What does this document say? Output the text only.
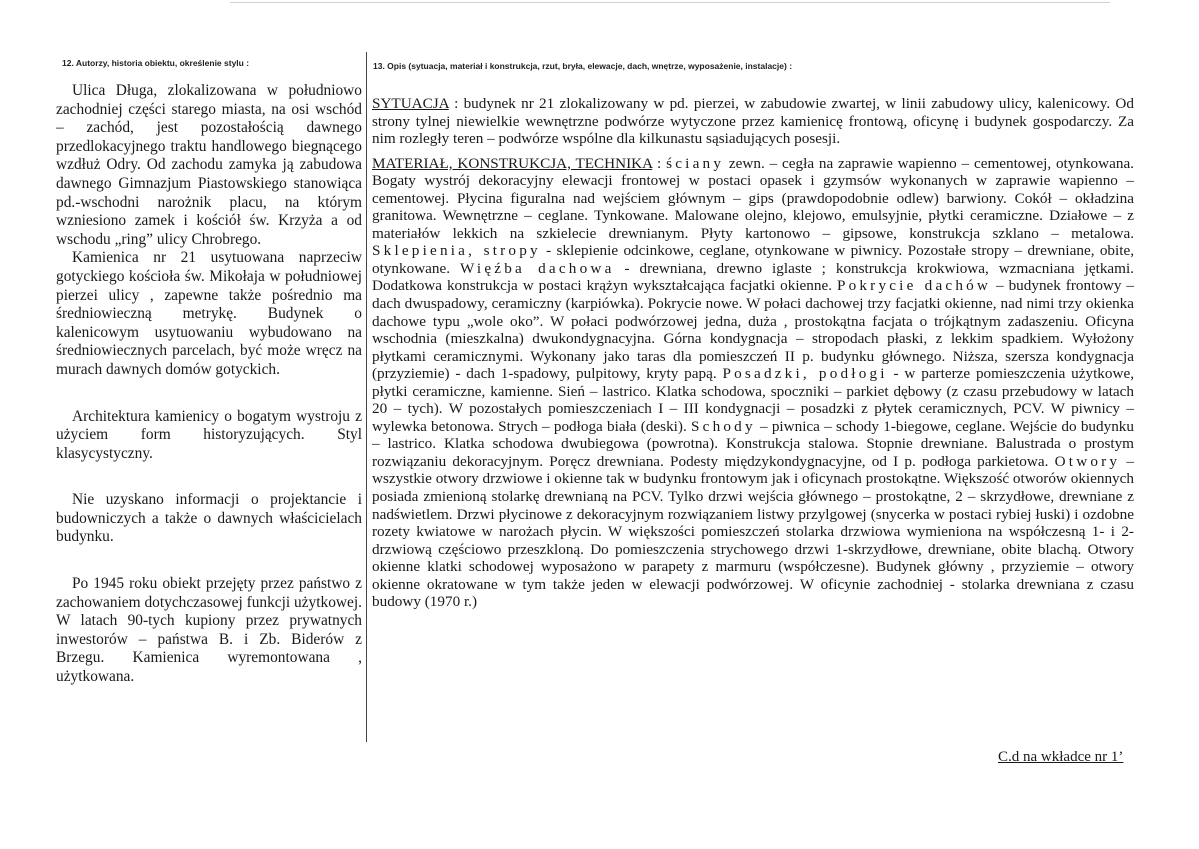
12. Autorzy, historia obiektu, określenie stylu :	13. Opis (sytuacja, materiał i konstrukcja, rzut, bryła, elewacje, dach, wnętrze, wyposażenie, instalacje) :

Ulica Długa, zlokalizowana w południowo zachodniej części starego miasta, na osi wschód – zachód, jest pozostałością dawnego przedlokacyjnego traktu handlowego biegnącego wzdłuż Odry. Od zachodu zamyka ją zabudowa dawnego Gimnazjum Piastowskiego stanowiąca pd.-wschodni narożnik placu, na którym wzniesiono zamek i kościół św. Krzyża a od wschodu „ring” ulicy Chrobrego.

Kamienica nr 21 usytuowana naprzeciw gotyckiego kościoła św. Mikołaja w południowej pierzei ulicy , zapewne także pośrednio ma średniowieczną metrykę. Budynek o kalenicowym usytuowaniu wybudowano na średniowiecznych parcelach, być może wręcz na murach dawnych domów gotyckich.

Architektura kamienicy o bogatym wystroju z użyciem form historyzujących. Styl klasycystyczny.

Nie uzyskano informacji o projektancie i budowniczych a także o dawnych właścicielach budynku.

Po 1945 roku obiekt przejęty przez państwo z zachowaniem dotychczasowej funkcji użytkowej. W latach 90-tych kupiony przez prywatnych inwestorów – państwa B. i Zb. Biderów z Brzegu. Kamienica wyremontowana , użytkowana.

SYTUACJA : budynek nr 21 zlokalizowany w pd. pierzei, w zabudowie zwartej, w linii zabudowy ulicy, kalenicowy. Od strony tylnej niewielkie wewnętrzne podwórze wytyczone przez kamienicę frontową, oficynę i budynek gospodarczy. Za nim rozległy teren – podwórze wspólne dla kilkunastu sąsiadujących posesji.

MATERIAŁ, KONSTRUKCJA, TECHNIKA : ściany zewn. – cegła na zaprawie wapienno – cementowej, otynkowana. Bogaty wystrój dekoracyjny elewacji frontowej w postaci opasek i gzymsów wykonanych w zaprawie wapienno – cementowej. Płycina figuralna nad wejściem głównym – gips (prawdopodobnie odlew) barwiony. Cokół – okładzina granitowa. Wewnętrzne – ceglane. Tynkowane. Malowane olejno, klejowo, emulsyjnie, płytki ceramiczne. Działowe – z materiałów lekkich na szkielecie drewnianym. Płyty kartonowo – gipsowe, konstrukcja szklano – metalowa. Sklepienia, stropy - sklepienie odcinkowe, ceglane, otynkowane w piwnicy. Pozostałe stropy – drewniane, obite, otynkowane. Więźba dachowa - drewniana, drewno iglaste ; konstrukcja krokwiowa, wzmacniana jętkami. Dodatkowa konstrukcja w postaci krążyn wykształcająca facjatki okienne. Pokrycie dachów – budynek frontowy – dach dwuspadowy, ceramiczny (karpiówka). Pokrycie nowe. W połaci dachowej trzy facjatki okienne, nad nimi trzy okienka dachowe typu „wole oko”. W połaci podwórzowej jedna, duża , prostokątna facjata o trójkątnym zadaszeniu. Oficyna wschodnia (mieszkalna) dwukondygnacyjna. Górna kondygnacja – stropodach płaski, z lekkim spadkiem. Wyłożony płytkami ceramicznymi. Wykonany jako taras dla pomieszczeń II p. budynku głównego. Niższa, szersza kondygnacja (przyziemie) - dach 1-spadowy, pulpitowy, kryty papą. Posadzki, podłogi - w parterze pomieszczenia użytkowe, płytki ceramiczne, kamienne. Sień – lastrico. Klatka schodowa, spoczniki – parkiet dębowy (z czasu przebudowy w latach 20 – tych). W pozostałych pomieszczeniach I – III kondygnacji – posadzki z płytek ceramicznych, PCV. W piwnicy – wylewka betonowa. Strych – podłoga biała (deski). Schody – piwnica – schody 1-biegowe, ceglane. Wejście do budynku – lastrico. Klatka schodowa dwubiegowa (powrotna). Konstrukcja stalowa. Stopnie drewniane. Balustrada o prostym rozwiązaniu dekoracyjnym. Poręcz drewniana. Podesty międzykondygnacyjne, od I p. podłoga parkietowa. Otwory – wszystkie otwory drzwiowe i okienne tak w budynku frontowym jak i oficynach prostokątne. Większość otworów okiennych posiada zmienioną stolarkę drewnianą na PCV. Tylko drzwi wejścia głównego – prostokątne, 2 – skrzydłowe, drewniane z nadświetlem. Drzwi płycinowe z dekoracyjnym rozwiązaniem listwy przylgowej (snycerka w postaci rybiej łuski) i ozdobne rozety kwiatowe w narożach płycin. W większości pomieszczeń stolarka drzwiowa wymieniona na współczesną 1- i 2- drzwiową częściowo przeszkloną. Do pomieszczenia strychowego drzwi 1-skrzydłowe, drewniane, obite blachą. Otwory okienne klatki schodowej wyposażono w parapety z marmuru (współczesne). Budynek główny , przyziemie – otwory okienne okratowane w tym także jeden w elewacji podwórzowej. W oficynie zachodniej - stolarka drewniana z czasu budowy (1970 r.)

C.d na wkładce nr 1’
